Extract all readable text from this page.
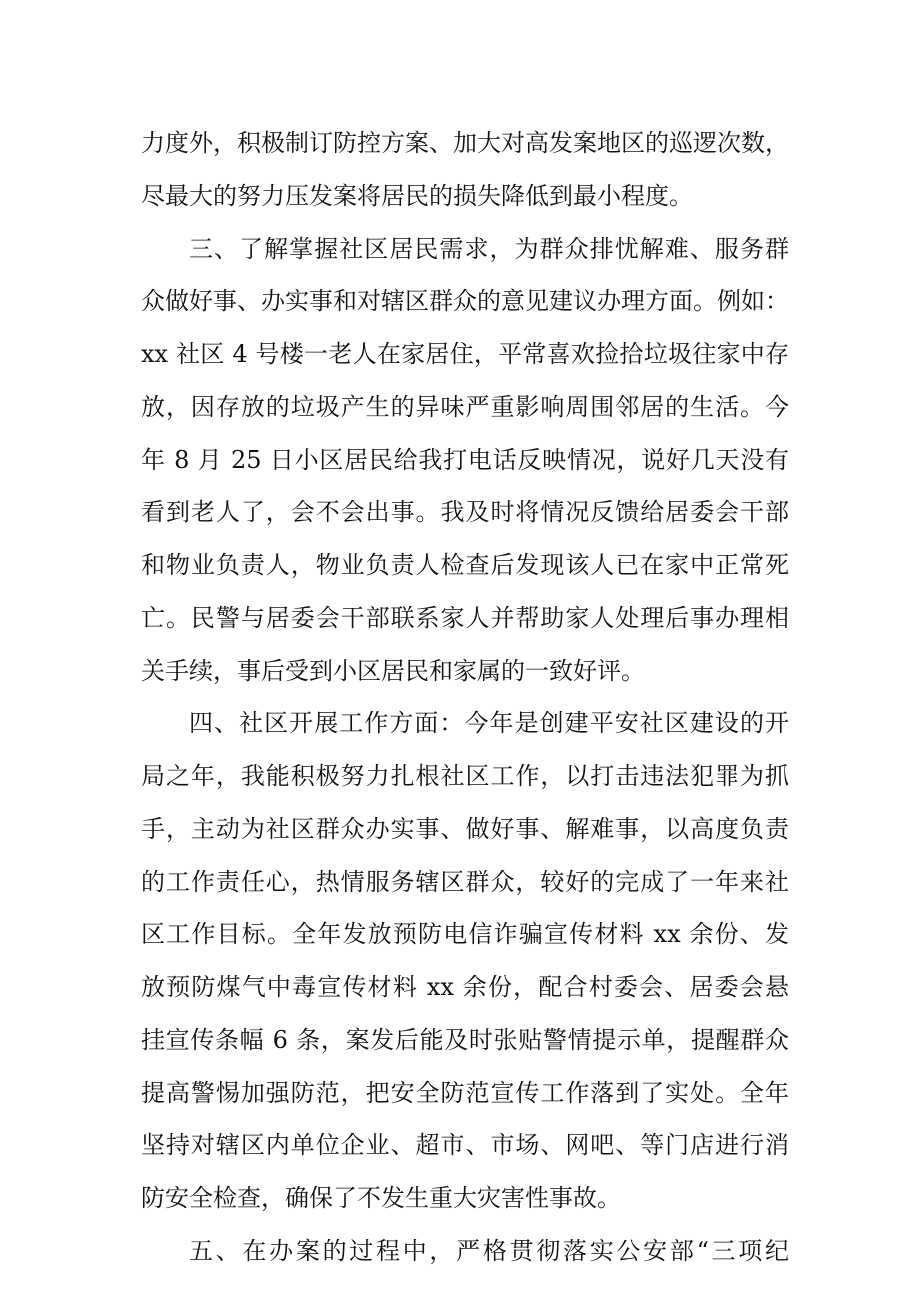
力度外，积极制订防控方案、加大对高发案地区的巡逻次数，
尽最大的努力压发案将居民的损失降低到最小程度。
三、了解掌握社区居民需求，为群众排忧解难、服务群
众做好事、办实事和对辖区群众的意见建议办理方面。例如：
xx 社区 4 号楼一老人在家居住，平常喜欢捡拾垃圾往家中存
放，因存放的垃圾产生的异味严重影响周围邻居的生活。今
年 8 月 25 日小区居民给我打电话反映情况，说好几天没有
看到老人了，会不会出事。我及时将情况反馈给居委会干部
和物业负责人，物业负责人检查后发现该人已在家中正常死
亡。民警与居委会干部联系家人并帮助家人处理后事办理相
关手续，事后受到小区居民和家属的一致好评。
四、社区开展工作方面：今年是创建平安社区建设的开
局之年，我能积极努力扎根社区工作，以打击违法犯罪为抓
手，主动为社区群众办实事、做好事、解难事，以高度负责
的工作责任心，热情服务辖区群众，较好的完成了一年来社
区工作目标。全年发放预防电信诈骗宣传材料 xx 余份、发
放预防煤气中毒宣传材料 xx 余份，配合村委会、居委会悬
挂宣传条幅 6 条，案发后能及时张贴警情提示单，提醒群众
提高警惕加强防范，把安全防范宣传工作落到了实处。全年
坚持对辖区内单位企业、超市、市场、网吧、等门店进行消
防安全检查，确保了不发生重大灾害性事故。
五、在办案的过程中，严格贯彻落实公安部“三项纪
